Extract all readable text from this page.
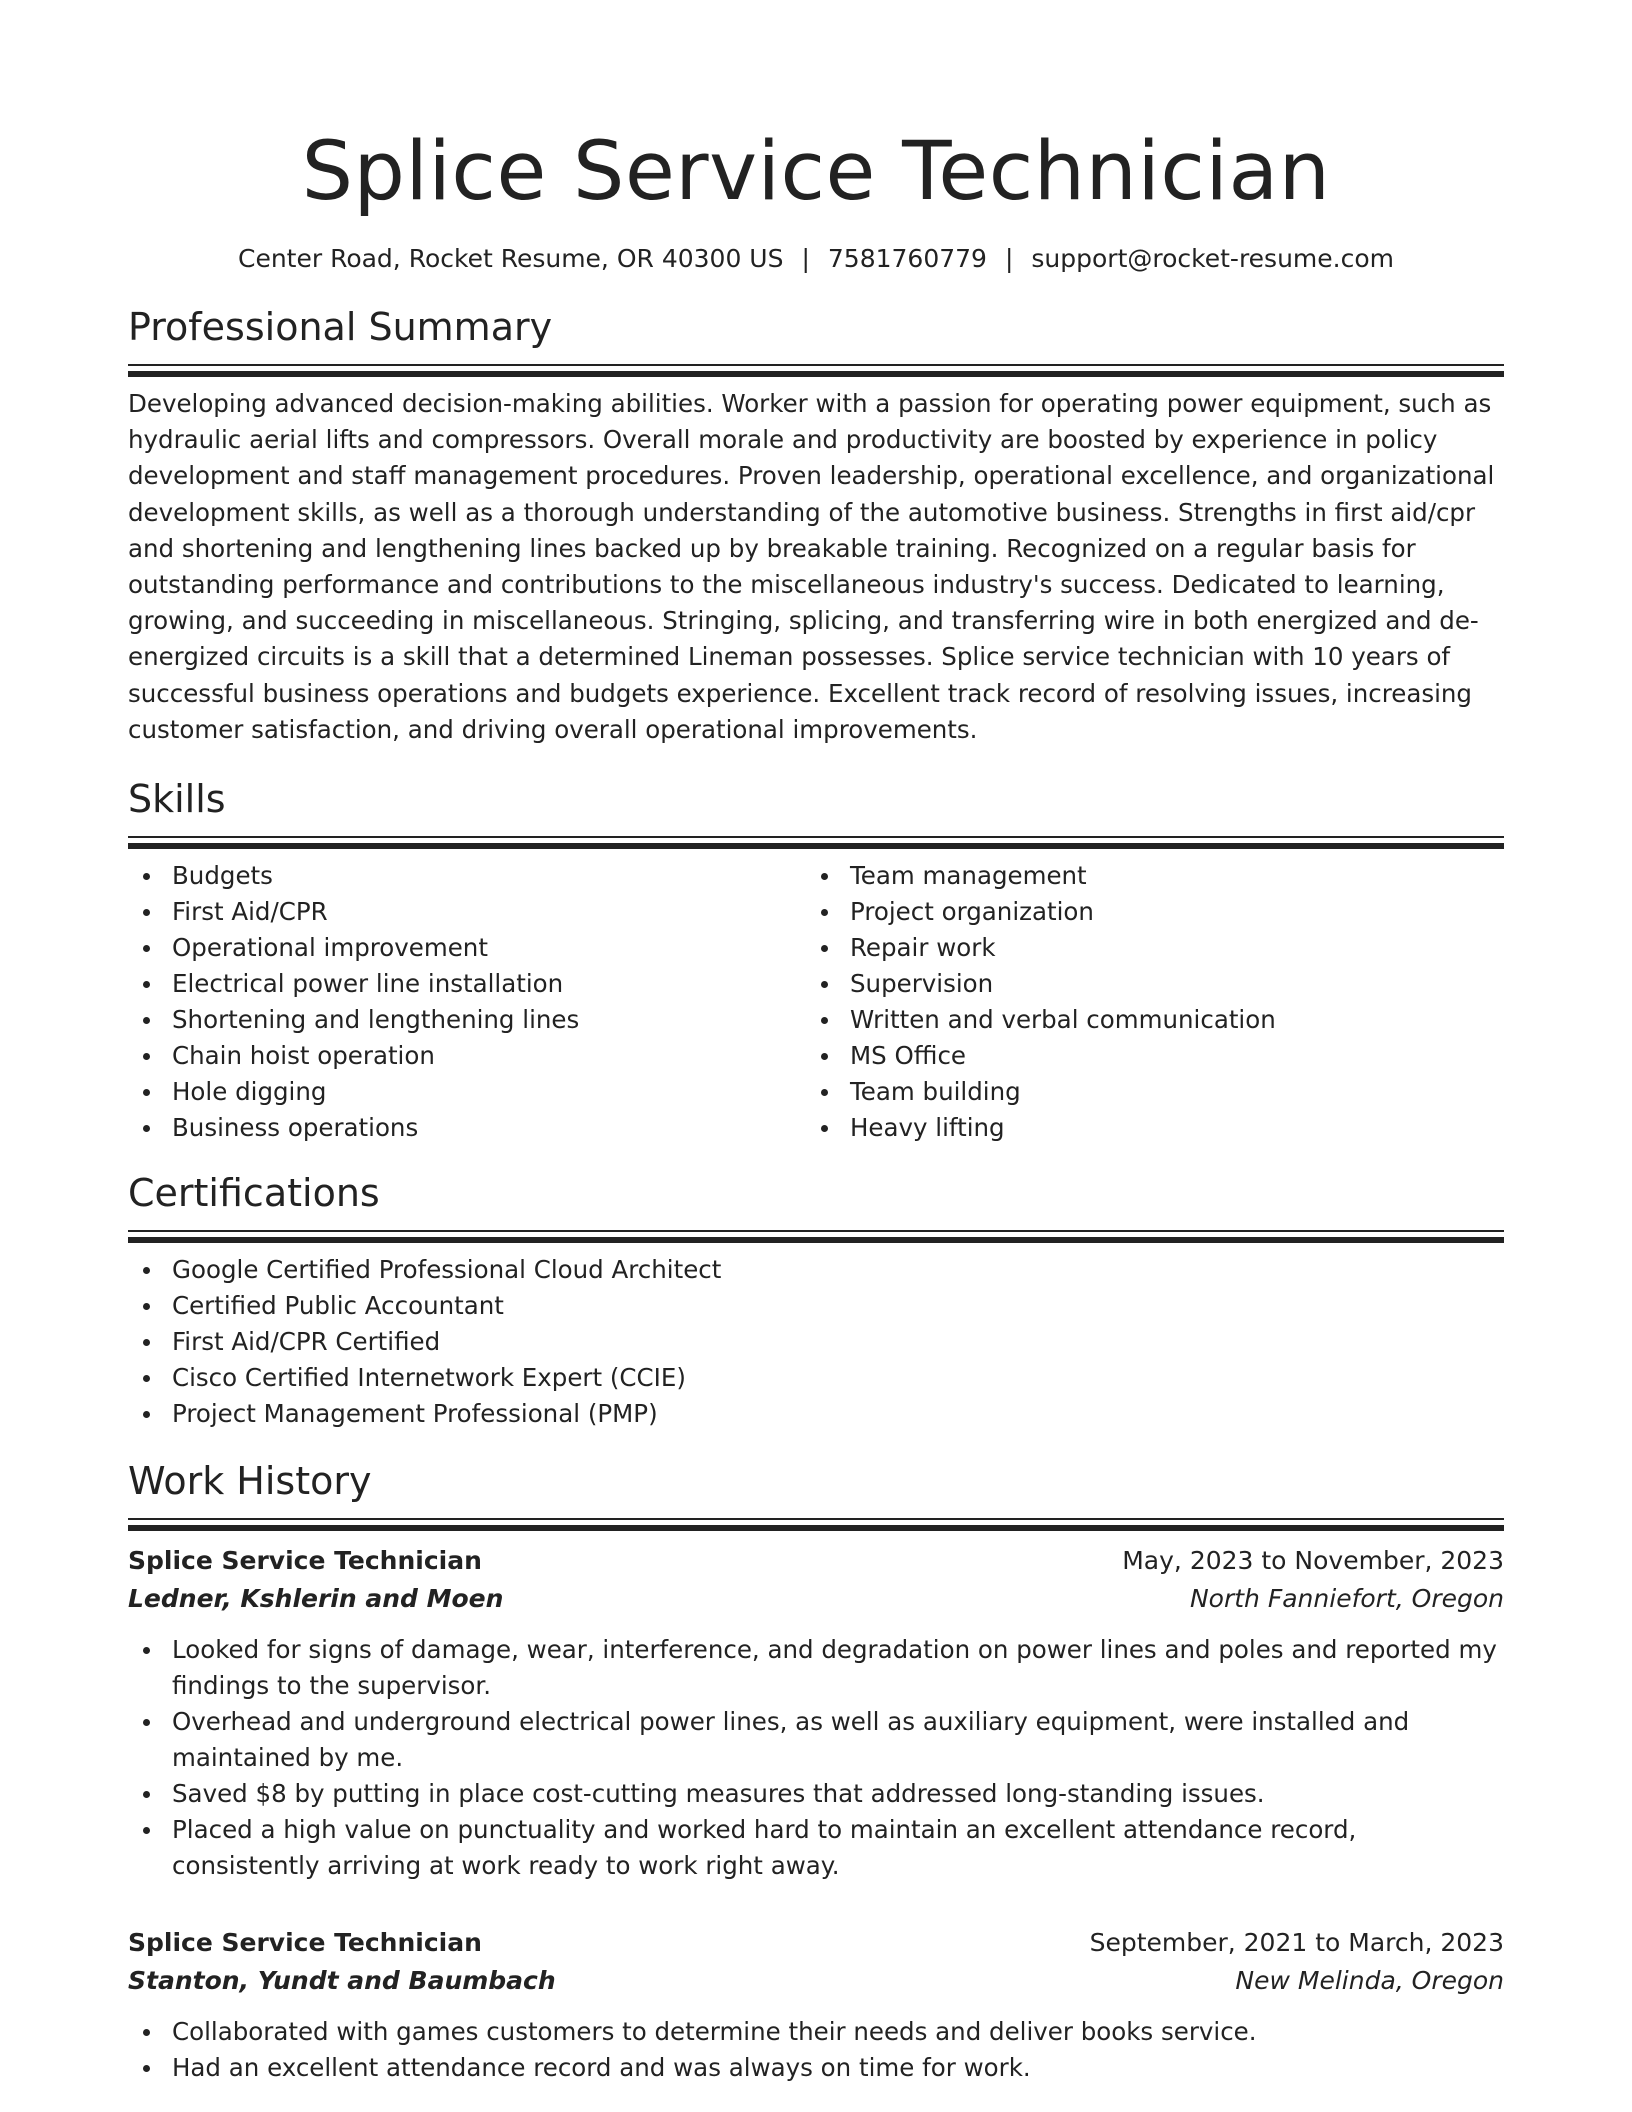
Splice Service Technician
Center Road, Rocket Resume, OR 40300 US | 7581760779 | support@rocket-resume.com
Professional Summary

Developing advanced decision-making abilities. Worker with a passion for operating power equipment, such as hydraulic aerial lifts and compressors. Overall morale and productivity are boosted by experience in policy development and staff management procedures. Proven leadership, operational excellence, and organizational development skills, as well as a thorough understanding of the automotive business. Strengths in first aid/cpr and shortening and lengthening lines backed up by breakable training. Recognized on a regular basis for outstanding performance and contributions to the miscellaneous industry's success. Dedicated to learning, growing, and succeeding in miscellaneous. Stringing, splicing, and transferring wire in both energized and de-energized circuits is a skill that a determined Lineman possesses. Splice service technician with 10 years of successful business operations and budgets experience. Excellent track record of resolving issues, increasing customer satisfaction, and driving overall operational improvements.

Skills
Budgets
First Aid/CPR
Operational improvement
Electrical power line installation
Shortening and lengthening lines
Chain hoist operation
Hole digging
Business operations
Team management
Project organization
Repair work
Supervision
Written and verbal communication
MS Office
Team building
Heavy lifting
Certifications
Google Certified Professional Cloud Architect
Certified Public Accountant
First Aid/CPR Certified
Cisco Certified Internetwork Expert (CCIE)
Project Management Professional (PMP)
Work History
Splice Service Technician	May, 2023 to November, 2023
Ledner, Kshlerin and Moen	North Fanniefort, Oregon
Looked for signs of damage, wear, interference, and degradation on power lines and poles and reported my findings to the supervisor.
Overhead and underground electrical power lines, as well as auxiliary equipment, were installed and maintained by me.
Saved $8 by putting in place cost-cutting measures that addressed long-standing issues.
Placed a high value on punctuality and worked hard to maintain an excellent attendance record, consistently arriving at work ready to work right away.
Splice Service Technician	September, 2021 to March, 2023
Stanton, Yundt and Baumbach	New Melinda, Oregon
Collaborated with games customers to determine their needs and deliver books service.
Had an excellent attendance record and was always on time for work.
